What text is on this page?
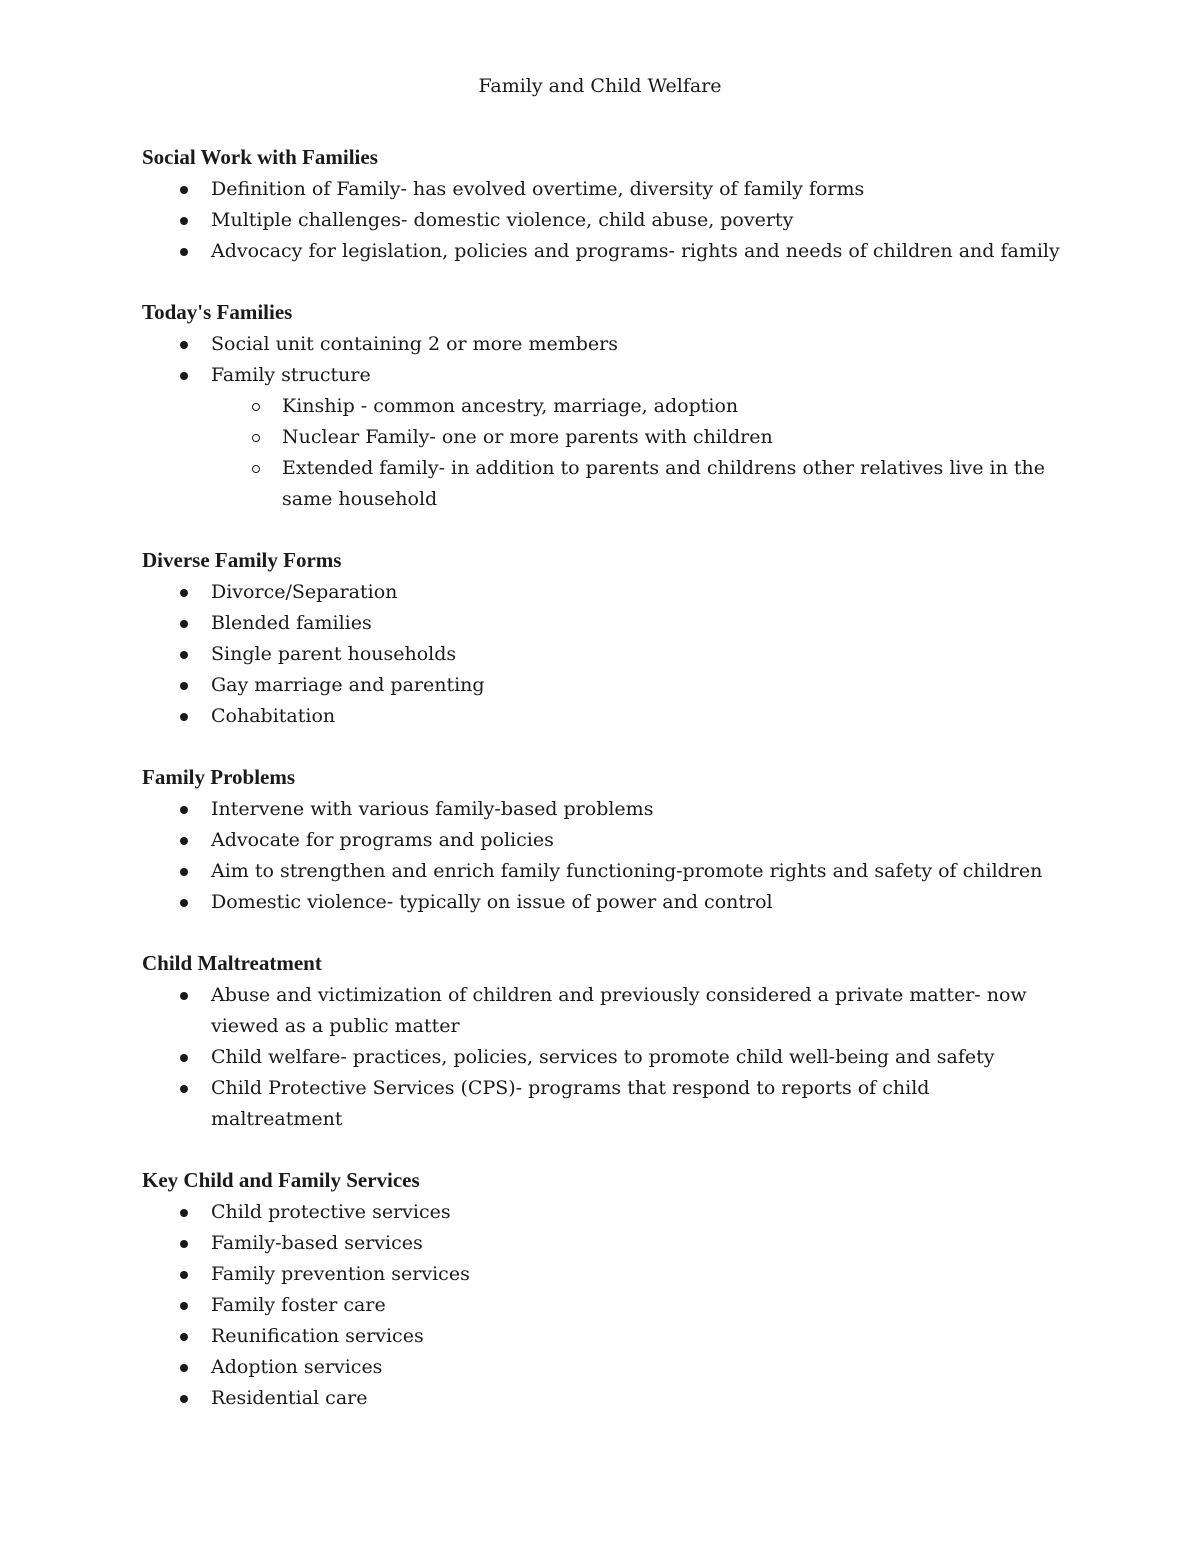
Family and Child Welfare
Social Work with Families
Definition of Family- has evolved overtime, diversity of family forms
Multiple challenges- domestic violence, child abuse, poverty
Advocacy for legislation, policies and programs- rights and needs of children and family
Today's Families
Social unit containing 2 or more members
Family structure
Kinship - common ancestry, marriage, adoption
Nuclear Family- one or more parents with children
Extended family- in addition to parents and childrens other relatives live in the same household
Diverse Family Forms
Divorce/Separation
Blended families
Single parent households
Gay marriage and parenting
Cohabitation
Family Problems
Intervene with various family-based problems
Advocate for programs and policies
Aim to strengthen and enrich family functioning-promote rights and safety of children
Domestic violence- typically on issue of power and control
Child Maltreatment
Abuse and victimization of children and previously considered a private matter- now viewed as a public matter
Child welfare- practices, policies, services to promote child well-being and safety
Child Protective Services (CPS)- programs that respond to reports of child maltreatment
Key Child and Family Services
Child protective services
Family-based services
Family prevention services
Family foster care
Reunification services
Adoption services
Residential care
